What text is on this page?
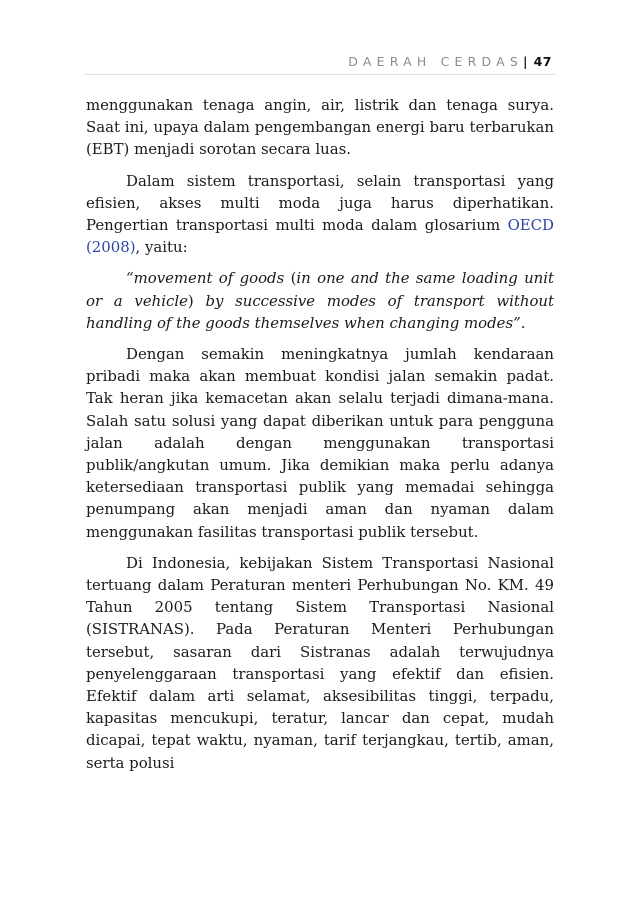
DAERAH CERDAS| 47

menggunakan tenaga angin, air, listrik dan tenaga surya. Saat ini, upaya dalam pengembangan energi baru terbarukan (EBT) menjadi sorotan secara luas.

Dalam sistem transportasi, selain transportasi yang efisien, akses multi moda juga harus diperhatikan. Pengertian transportasi multi moda dalam glosarium OECD (2008), yaitu:

“movement of goods (in one and the same loading unit or a vehicle) by successive modes of transport without handling of the goods themselves when changing modes”.

Dengan semakin meningkatnya jumlah kendaraan pribadi maka akan membuat kondisi jalan semakin padat. Tak heran jika kemacetan akan selalu terjadi dimana-mana. Salah satu solusi yang dapat diberikan untuk para pengguna jalan adalah dengan menggunakan transportasi publik/angkutan umum. Jika demikian maka perlu adanya ketersediaan transportasi publik yang memadai sehingga penumpang akan menjadi aman dan nyaman dalam menggunakan fasilitas transportasi publik tersebut.

Di Indonesia, kebijakan Sistem Transportasi Nasional tertuang dalam Peraturan menteri Perhubungan No. KM. 49 Tahun 2005 tentang Sistem Transportasi Nasional (SISTRANAS). Pada Peraturan Menteri Perhubungan tersebut, sasaran dari Sistranas adalah terwujudnya penyelenggaraan transportasi yang efektif dan efisien. Efektif dalam arti selamat, aksesibilitas tinggi, terpadu, kapasitas mencukupi, teratur, lancar dan cepat, mudah dicapai, tepat waktu, nyaman, tarif terjangkau, tertib, aman, serta polusi
